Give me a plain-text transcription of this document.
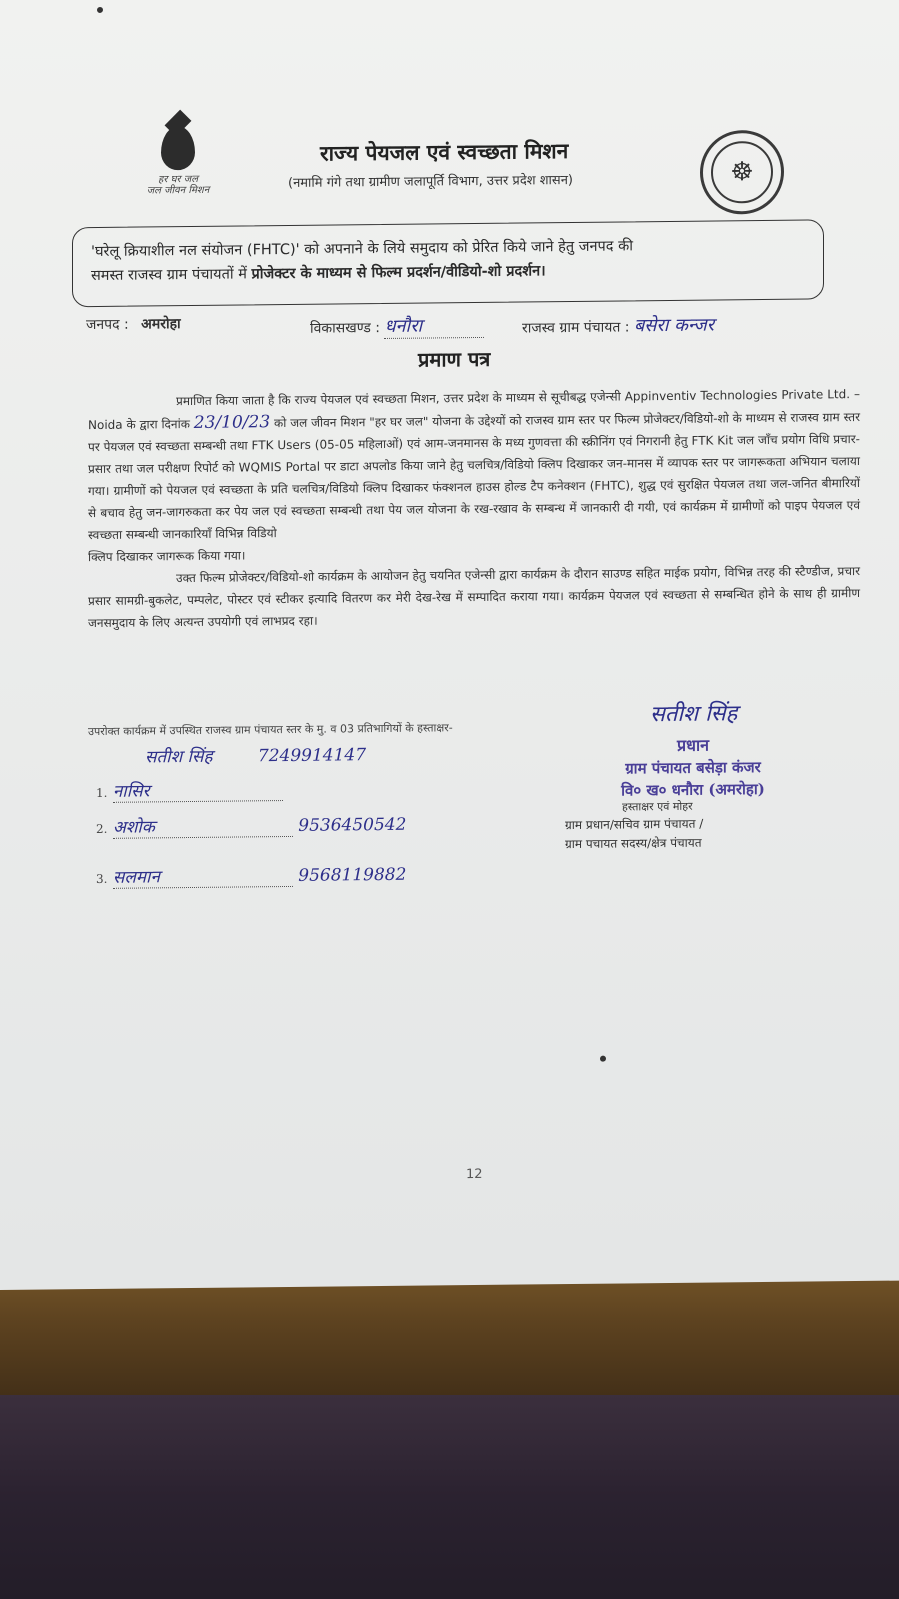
हर घर जल
जल जीवन मिशन
राज्य पेयजल एवं स्वच्छता मिशन
(नमामि गंगे तथा ग्रामीण जलापूर्ति विभाग, उत्तर प्रदेश शासन)	☸
'घरेलू क्रियाशील नल संयोजन (FHTC)' को अपनाने के लिये समुदाय को प्रेरित किये जाने हेतु जनपद की
समस्त राजस्व ग्राम पंचायतों में प्रोजेक्टर के माध्यम से फिल्म प्रदर्शन/वीडियो-शो प्रदर्शन।
जनपद : अमरोहा	विकासखण्ड : धनौरा	राजस्व ग्राम पंचायत : बसेरा कन्जर
प्रमाण पत्र

प्रमाणित किया जाता है कि राज्य पेयजल एवं स्वच्छता मिशन, उत्तर प्रदेश के माध्यम से सूचीबद्ध एजेन्सी Appinventiv Technologies Private Ltd. – Noida के द्वारा दिनांक 23/10/23 को जल जीवन मिशन "हर घर जल" योजना के उद्देश्यों को राजस्व ग्राम स्तर पर फिल्म प्रोजेक्टर/विडियो-शो के माध्यम से राजस्व ग्राम स्तर पर पेयजल एवं स्वच्छता सम्बन्धी तथा FTK Users (05-05 महिलाओं) एवं आम-जनमानस के मध्य गुणवत्ता की स्क्रीनिंग एवं निगरानी हेतु FTK Kit जल जाँच प्रयोग विधि प्रचार-प्रसार तथा जल परीक्षण रिपोर्ट को WQMIS Portal पर डाटा अपलोड किया जाने हेतु चलचित्र/विडियो क्लिप दिखाकर जन-मानस में व्यापक स्तर पर जागरूकता अभियान चलाया गया। ग्रामीणों को पेयजल एवं स्वच्छता के प्रति चलचित्र/विडियो क्लिप दिखाकर फंक्शनल हाउस होल्ड टैप कनेक्शन (FHTC), शुद्ध एवं सुरक्षित पेयजल तथा जल-जनित बीमारियों से बचाव हेतु जन-जागरुकता कर पेय जल एवं स्वच्छता सम्बन्धी तथा पेय जल योजना के रख-रखाव के सम्बन्ध में जानकारी दी गयी, एवं कार्यक्रम में ग्रामीणों को पाइप पेयजल एवं स्वच्छता सम्बन्धी जानकारियाँ विभिन्न विडियो

क्लिप दिखाकर जागरूक किया गया।

उक्त फिल्म प्रोजेक्टर/विडियो-शो कार्यक्रम के आयोजन हेतु चयनित एजेन्सी द्वारा कार्यक्रम के दौरान साउण्ड सहित माईक प्रयोग, विभिन्न तरह की स्टैण्डीज, प्रचार प्रसार सामग्री-बुकलेट, पम्पलेट, पोस्टर एवं स्टीकर इत्यादि वितरण कर मेरी देख-रेख में सम्पादित कराया गया। कार्यक्रम पेयजल एवं स्वच्छता से सम्बन्धित होने के साथ ही ग्रामीण जनसमुदाय के लिए अत्यन्त उपयोगी एवं लाभप्रद रहा।

उपरोक्त कार्यक्रम में उपस्थित राजस्व ग्राम पंचायत स्तर के मु. व 03 प्रतिभागियों के हस्ताक्षर-
सतीश सिंह	7249914147
1. नासिर
2. अशोक	9536450542
3. सलमान	9568119882
सतीश सिंह
प्रधान
ग्राम पंचायत बसेड़ा कंजर
वि० ख० धनौरा (अमरोहा)
हस्ताक्षर एवं मोहर
ग्राम प्रधान/सचिव ग्राम पंचायत /
ग्राम पचायत सदस्य/क्षेत्र पंचायत
12
